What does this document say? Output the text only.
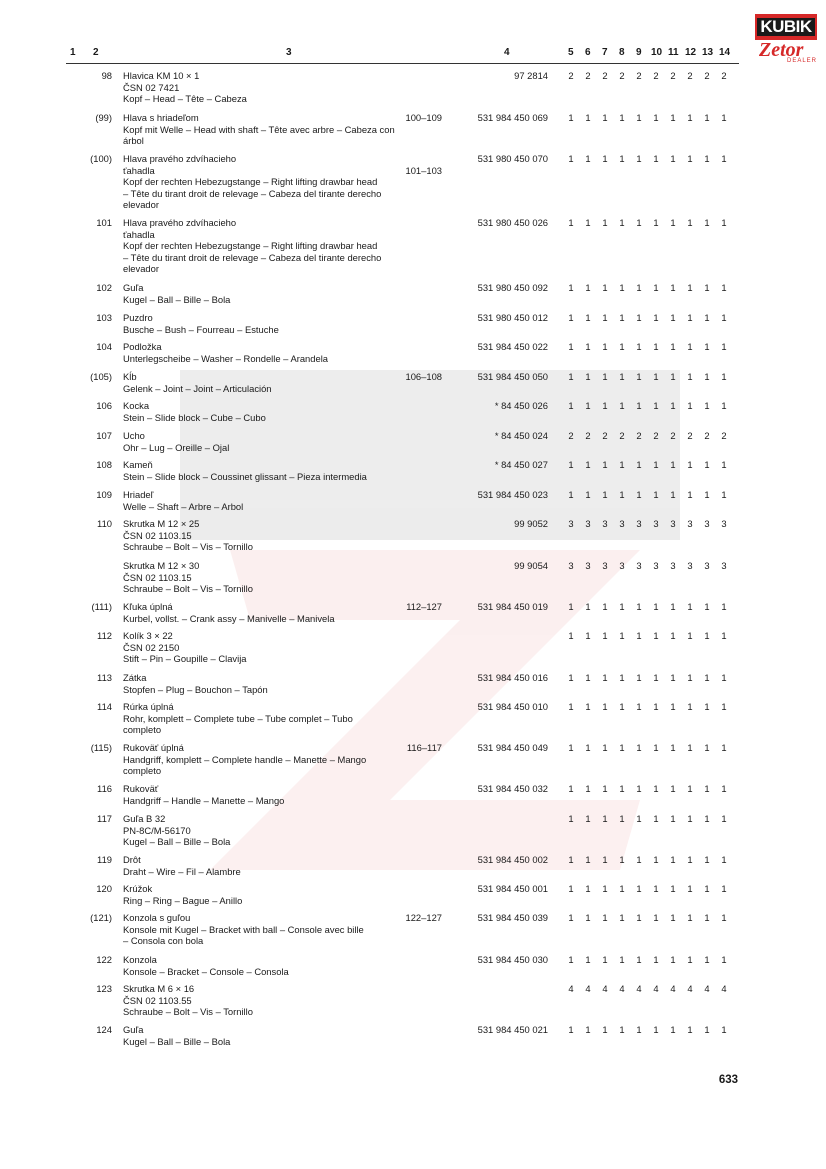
KUBIK
Zetor
DEALER
1 2	3	4	5 6 7 8 9 10 11 12 13 14
98 Hlavica KM 10 × 1
ČSN 02 7421
Kopf – Head – Tête – Cabeza
97 2814	2	2	2	2	2	2	2	2	2	2
(99) Hlava s hriadeľom
Kopf mit Welle – Head with shaft – Tête avec arbre – Cabeza con
árbol
100–109	531 984 450 069	1	1	1	1	1	1	1	1	1	1
(100) Hlava pravého zdvíhacieho
ťahadla
Kopf der rechten Hebezugstange – Right lifting drawbar head
– Tête du tirant droit de relevage – Cabeza del tirante derecho
elevador
101–103
531 980 450 070	1	1	1	1	1	1	1	1	1	1
101 Hlava pravého zdvíhacieho
ťahadla
Kopf der rechten Hebezugstange – Right lifting drawbar head
– Tête du tirant droit de relevage – Cabeza del tirante derecho
elevador
531 980 450 026	1	1	1	1	1	1	1	1	1	1
102 Guľa
Kugel – Ball – Bille – Bola
531 980 450 092	1	1	1	1	1	1	1	1	1	1
103 Puzdro
Busche – Bush – Fourreau – Estuche
531 980 450 012	1	1	1	1	1	1	1	1	1	1
104 Podložka
Unterlegscheibe – Washer – Rondelle – Arandela
531 984 450 022	1	1	1	1	1	1	1	1	1	1
(105) Kĺb
Gelenk – Joint – Joint – Articulación
106–108	531 984 450 050	1	1	1	1	1	1	1	1	1	1
106 Kocka
Stein – Slide block – Cube – Cubo
* 84 450 026	1	1	1	1	1	1	1	1	1	1
107 Ucho
Ohr – Lug – Oreille – Ojal
* 84 450 024	2	2	2	2	2	2	2	2	2	2
108 Kameň
Stein – Slide block – Coussinet glissant – Pieza intermedia
* 84 450 027	1	1	1	1	1	1	1	1	1	1
109 Hriadeľ
Welle – Shaft – Arbre – Arbol
531 984 450 023	1	1	1	1	1	1	1	1	1	1
110 Skrutka M 12 × 25
ČSN 02 1103.15
Schraube – Bolt – Vis – Tornillo
99 9052	3	3	3	3	3	3	3	3	3	3
Skrutka M 12 × 30
ČSN 02 1103.15
Schraube – Bolt – Vis – Tornillo
99 9054	3	3	3	3	3	3	3	3	3	3
(111) Kľuka úplná
Kurbel, vollst. – Crank assy – Manivelle – Manivela
112–127	531 984 450 019	1	1	1	1	1	1	1	1	1	1
112 Kolík 3 × 22
ČSN 02 2150
Stift – Pin – Goupille – Clavija
1	1	1	1	1	1	1	1	1	1
113 Zátka
Stopfen – Plug – Bouchon – Tapón
531 984 450 016	1	1	1	1	1	1	1	1	1	1
114 Rúrka úplná
Rohr, komplett – Complete tube – Tube complet – Tubo
completo
531 984 450 010	1	1	1	1	1	1	1	1	1	1
(115) Rukoväť úplná
Handgriff, komplett – Complete handle – Manette – Mango
completo
116–117	531 984 450 049	1	1	1	1	1	1	1	1	1	1
116 Rukoväť
Handgriff – Handle – Manette – Mango
531 984 450 032	1	1	1	1	1	1	1	1	1	1
117 Guľa B 32
PN-8C/M-56170
Kugel – Ball – Bille – Bola
1	1	1	1	1	1	1	1	1	1
119 Drôt
Draht – Wire – Fil – Alambre
531 984 450 002	1	1	1	1	1	1	1	1	1	1
120 Krúžok
Ring – Ring – Bague – Anillo
531 984 450 001	1	1	1	1	1	1	1	1	1	1
(121) Konzola s guľou
Konsole mit Kugel – Bracket with ball – Console avec bille
– Consola con bola
122–127	531 984 450 039	1	1	1	1	1	1	1	1	1	1
122 Konzola
Konsole – Bracket – Console – Consola
531 984 450 030	1	1	1	1	1	1	1	1	1	1
123 Skrutka M 6 × 16
ČSN 02 1103.55
Schraube – Bolt – Vis – Tornillo
4	4	4	4	4	4	4	4	4	4
124 Guľa
Kugel – Ball – Bille – Bola
531 984 450 021	1	1	1	1	1	1	1	1	1	1
633
